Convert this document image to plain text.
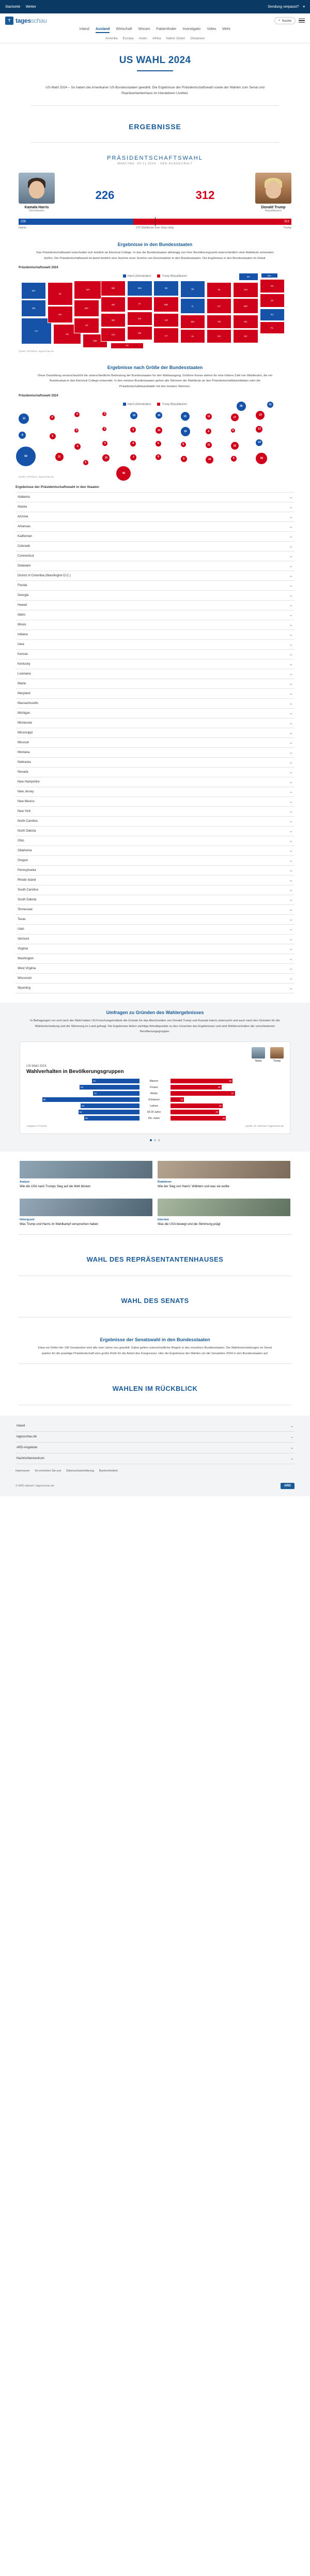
Startseite Wetter	Sendung verpasst? ▾
T tagesschau	⌕ Suche
Inland Ausland Wirtschaft Wissen Faktenfinder Investigativ Video Mehr
Amerika Europa Asien Afrika Naher Osten Ozeanien
US WAHL 2024
US-Wahl 2024 – So haben die Amerikaner US-Bundesstaaten gewählt. Die Ergebnisse der Präsidentschaftswahl sowie der Wahlen zum Senat und Repräsentantenhaus im interaktiven Livetteil.
ERGEBNISSE
PRÄSIDENTSCHAFTSWAHL
WAHLTAG: 05.11.2024 · 98% AUSGEZÄHLT
Kamala Harris
Demokraten
226	312
Donald Trump
Republikaner
226	312
Harris	270 Wahlleute zum Sieg nötig	Trump
Ergebnisse in den Bundesstaaten

Das Präsidentschaftswahl entscheidet sich letztlich an Electoral College. In das die Bundesstaaten abhängig von ihrer Bevölkerungszahl unterschiedlich viele Wahlleute entsenden dürfen. Die Präsidentschaftswahl ist damit letztlich eine Summe einer Summe von Einzelwahlen in den Bundesstaaten. Die Ergebnisse in den Bundesstaaten im Detail.

Präsidentschaftswahl 2024
WA
OR
CA
ID
NV
AZ
MT
WY
UT
NM
ND
SD
NE
CO
TX
MN
IA
KS
OK
WI
MO
AR
LA
MI
IL
MS
AL
IN
KY
TN
GA
OH
WV
NC
SC
PA
VA
NJ
FL
NY	MA
Harris (Demokraten)	Trump (Republikaner)
Quelle: AP/Edison, tagesschau.de
Ergebnisse nach Größe der Bundesstaaten

Diese Darstellung veranschaulicht die unterschiedliche Bedeutung der Bundesstaaten für den Wahlausgang. Größere Kreise stehen für eine höhere Zahl von Wahlleuten, die ein Bundesstaat in das Electoral College entsendet. In den meisten Bundesstaaten gehen alle Stimmen der Wahlleute an den Präsidentschaftskandidaten oder die Präsidentschaftskandidatin mit den meisten Stimmen.

Präsidentschaftswahl 2024
12
8
54
4
6
11
4
3
6
5
3
3
5
10
40
10
6
6
7
10
10
6
8
15
19
6
9
11
8
11
16
17
4
16
9
19
13
14
30
28	11
Harris (Demokraten)	Trump (Republikaner)
Quelle: AP/Edison, tagesschau.de
Ergebnisse der Präsidentschaftswahl in den Staaten
Alabama	⌄
Alaska	⌄
Arizona	⌄
Arkansas	⌄
Kalifornien	⌄
Colorado	⌄
Connecticut	⌄
Delaware	⌄
District of Columbia (Washington D.C.)	⌄
Florida	⌄
Georgia	⌄
Hawaii	⌄
Idaho	⌄
Illinois	⌄
Indiana	⌄
Iowa	⌄
Kansas	⌄
Kentucky	⌄
Louisiana	⌄
Maine	⌄
Maryland	⌄
Massachusetts	⌄
Michigan	⌄
Minnesota	⌄
Mississippi	⌄
Missouri	⌄
Montana	⌄
Nebraska	⌄
Nevada	⌄
New Hampshire	⌄
New Jersey	⌄
New Mexico	⌄
New York	⌄
North Carolina	⌄
North Dakota	⌄
Ohio	⌄
Oklahoma	⌄
Oregon	⌄
Pennsylvania	⌄
Rhode Island	⌄
South Carolina	⌄
South Dakota	⌄
Tennessee	⌄
Texas	⌄
Utah	⌄
Vermont	⌄
Virginia	⌄
Washington	⌄
West Virginia	⌄
Wisconsin	⌄
Wyoming	⌄
Umfragen zu Gründen des Wahlergebnisses

In Befragungen vor und nach der Wahl haben US-Forschungsinstitute die Gründe für das Abschneiden von Donald Trump und Kamala Harris untersucht und auch nach den Gründen für die Wahlentscheidung und die Stimmung im Land gefragt. Die Ergebnisse liefern wichtige Anhaltspunkte zu den Ursachen des Ergebnisses und sind Wählerverhalten der verschiedenen Bevölkerungsgruppen.

Harris	Trump
US-Wahl 2024
Wahlverhalten in Bevölkerungsgruppen
42	Männer	55
53	Frauen	45
41	Weiße	57
86	Schwarze	12
52	Latinos	46
54	18-29 Jahre	43
49	65+ Jahre	49
Angaben in Prozent	Quelle: AP VoteCast / tagesschau.de
Analyse
Wie die USA nach Trumps Sieg auf die Welt blicken
Reaktionen
Wie der Sieg von Harris' Wählern und was sie wollte
Hintergrund
Was Trump und Harris im Wahlkampf versprochen haben
Interview
Was die USA bewegt und die Stimmung prägt
WAHL DES REPRÄSENTANTENHAUSES
WAHL DES SENATS
Ergebnisse der Senatswahl in den Bundesstaaten

Etwa ein Drittel der 100 Senatssitze wird alle zwei Jahre neu gewählt. Dabei gelten unterschiedliche Regeln in den einzelnen Bundesstaaten. Die Wahlentscheidungen im Senat spielen für die jeweilige Präsidentschaft eine große Rolle für die Arbeit des Kongresses. Hier die Ergebnisse der Wahlen um die Senatsitze 2024 in den Bundesstaaten auf.

WAHLEN IM RÜCKBLICK
Inland	⌄
tagesschau.de	⌄
ARD-Angebote	⌄
Nachrichtenzentrum	⌄
Impressum So erreichen Sie uns Datenschutzerklärung Barrierefreiheit
© ARD-aktuell / tagesschau.de	ARD
